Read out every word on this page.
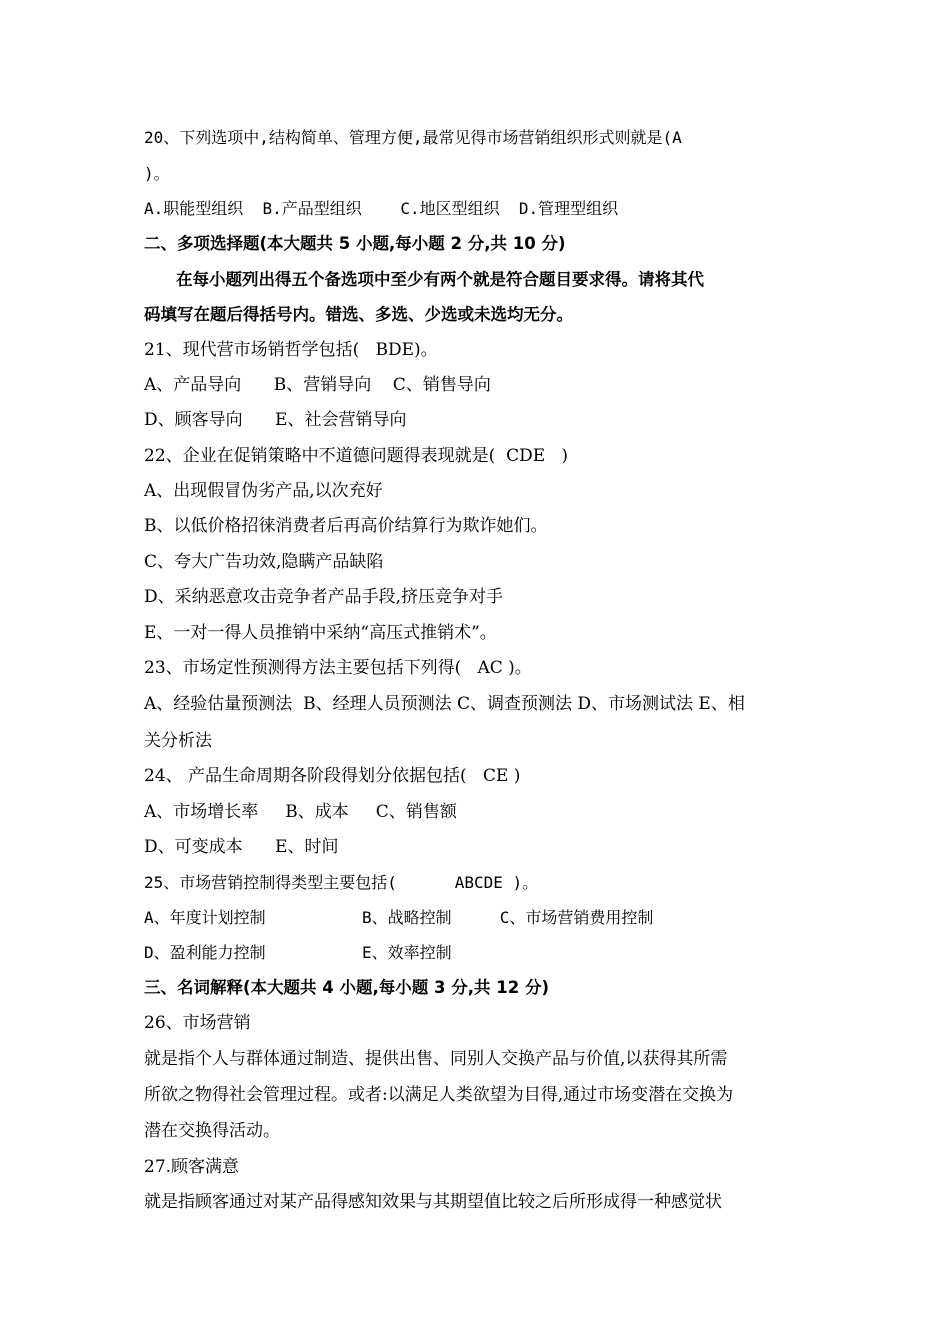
20、下列选项中,结构简单、管理方便,最常见得市场营销组织形式则就是(A
)。
A.职能型组织  B.产品型组织    C.地区型组织  D.管理型组织
二、多项选择题(本大题共 5 小题,每小题 2 分,共 10 分)
在每小题列出得五个备选项中至少有两个就是符合题目要求得。请将其代
码填写在题后得括号内。错选、多选、少选或未选均无分。
21、现代营市场销哲学包括(   BDE)。
A、产品导向      B、营销导向    C、销售导向
D、顾客导向      E、社会营销导向
22、企业在促销策略中不道德问题得表现就是(  CDE   )
A、出现假冒伪劣产品,以次充好
B、以低价格招徕消费者后再高价结算行为欺诈她们。
C、夸大广告功效,隐瞒产品缺陷
D、采纳恶意攻击竞争者产品手段,挤压竞争对手
E、一对一得人员推销中采纳“高压式推销术”。
23、市场定性预测得方法主要包括下列得(   AC )。
A、经验估量预测法  B、经理人员预测法 C、调查预测法 D、市场测试法 E、相
关分析法
24、 产品生命周期各阶段得划分依据包括(   CE )
A、市场增长率     B、成本     C、销售额
D、可变成本      E、时间
25、市场营销控制得类型主要包括(      ABCDE )。
A、年度计划控制          B、战略控制     C、市场营销费用控制
D、盈利能力控制          E、效率控制
三、名词解释(本大题共 4 小题,每小题 3 分,共 12 分)
26、市场营销
就是指个人与群体通过制造、提供出售、同别人交换产品与价值,以获得其所需
所欲之物得社会管理过程。或者:以满足人类欲望为目得,通过市场变潜在交换为
潜在交换得活动。
27.顾客满意
就是指顾客通过对某产品得感知效果与其期望值比较之后所形成得一种感觉状
